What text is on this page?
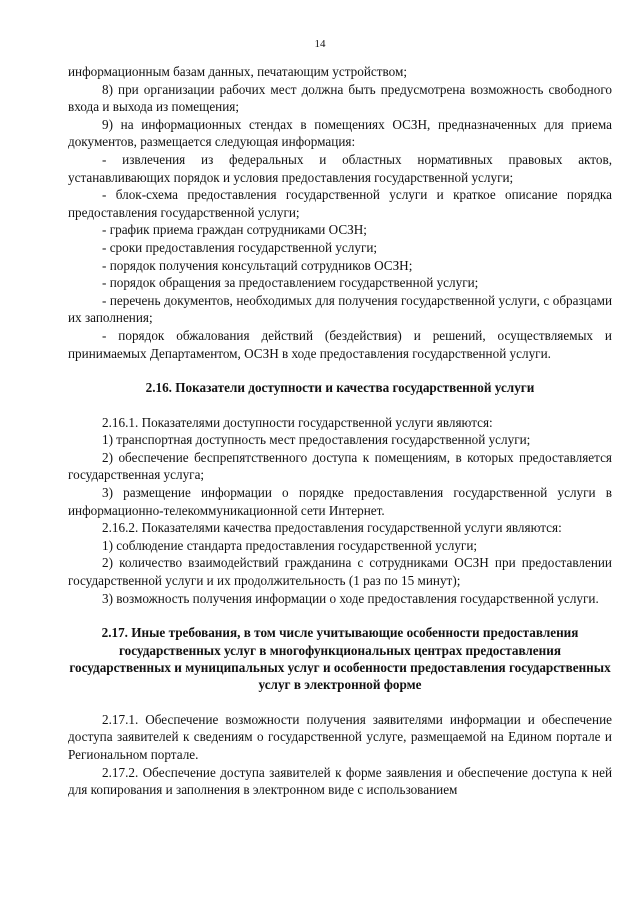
14

информационным базам данных, печатающим устройством;

8) при организации рабочих мест должна быть предусмотрена возможность свободного входа и выхода из помещения;

9) на информационных стендах в помещениях ОСЗН, предназначенных для приема документов, размещается следующая информация:

- извлечения из федеральных и областных нормативных правовых актов, устанавливающих порядок и условия предоставления государственной услуги;

- блок-схема предоставления государственной услуги и краткое описание порядка предоставления государственной услуги;

- график приема граждан сотрудниками ОСЗН;

- сроки предоставления государственной услуги;

- порядок получения консультаций сотрудников ОСЗН;

- порядок обращения за предоставлением государственной услуги;

- перечень документов, необходимых для получения государственной услуги, с образцами их заполнения;

- порядок обжалования действий (бездействия) и решений, осуществляемых и принимаемых Департаментом, ОСЗН в ходе предоставления государственной услуги.

2.16. Показатели доступности и качества государственной услуги

2.16.1. Показателями доступности государственной услуги являются:

1) транспортная доступность мест предоставления государственной услуги;

2) обеспечение беспрепятственного доступа к помещениям, в которых предоставляется государственная услуга;

3) размещение информации о порядке предоставления государственной услуги в информационно-телекоммуникационной сети Интернет.

2.16.2. Показателями качества предоставления государственной услуги являются:

1) соблюдение стандарта предоставления государственной услуги;

2) количество взаимодействий гражданина с сотрудниками ОСЗН при предоставлении государственной услуги и их продолжительность (1 раз по 15 минут);

3) возможность получения информации о ходе предоставления государственной услуги.

2.17. Иные требования, в том числе учитывающие особенности предоставления государственных услуг в многофункциональных центрах предоставления государственных и муниципальных услуг и особенности предоставления государственных услуг в электронной форме

2.17.1. Обеспечение возможности получения заявителями информации и обеспечение доступа заявителей к сведениям о государственной услуге, размещаемой на Едином портале и Региональном портале.

2.17.2. Обеспечение доступа заявителей к форме заявления и обеспечение доступа к ней для копирования и заполнения в электронном виде с использованием
